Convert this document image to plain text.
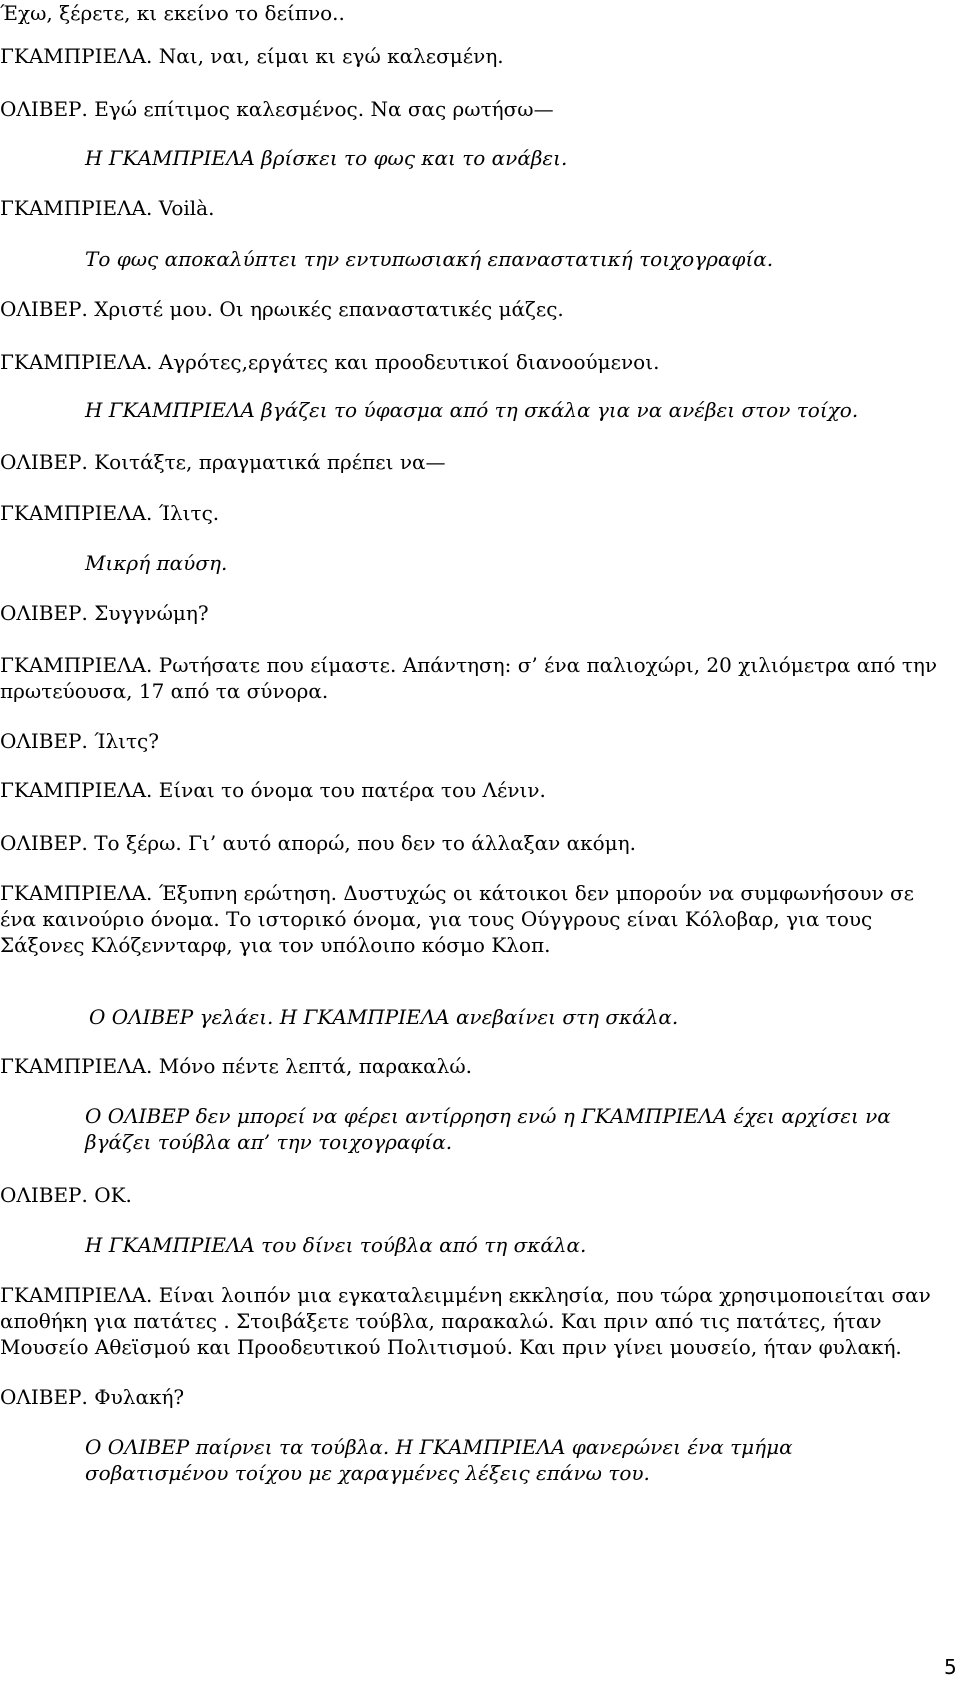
Έχω, ξέρετε, κι εκείνο το δείπνο..
ΓΚΑΜΠΡΙΕΛΑ. Ναι, ναι, είμαι κι εγώ καλεσμένη.
ΟΛΙΒΕΡ. Εγώ επίτιμος καλεσμένος. Να σας ρωτήσω—
Η ΓΚΑΜΠΡΙΕΛΑ βρίσκει το φως και το ανάβει.
ΓΚΑΜΠΡΙΕΛΑ. Voilà.
Το φως αποκαλύπτει την εντυπωσιακή επαναστατική τοιχογραφία.
ΟΛΙΒΕΡ. Χριστέ μου. Οι ηρωικές επαναστατικές μάζες.
ΓΚΑΜΠΡΙΕΛΑ. Αγρότες,εργάτες και προοδευτικοί διανοούμενοι.
Η ΓΚΑΜΠΡΙΕΛΑ βγάζει το ύφασμα από τη σκάλα για να ανέβει στον τοίχο.
ΟΛΙΒΕΡ. Κοιτάξτε, πραγματικά πρέπει να—
ΓΚΑΜΠΡΙΕΛΑ. Ίλιτς.
Μικρή παύση.
ΟΛΙΒΕΡ. Συγγνώμη?
ΓΚΑΜΠΡΙΕΛΑ. Ρωτήσατε που είμαστε. Απάντηση: σ’ ένα παλιοχώρι, 20 χιλιόμετρα από την πρωτεύουσα, 17 από τα σύνορα.
ΟΛΙΒΕΡ. Ίλιτς?
ΓΚΑΜΠΡΙΕΛΑ. Είναι το όνομα του πατέρα του Λένιν.
ΟΛΙΒΕΡ. Το ξέρω. Γι’ αυτό απορώ, που δεν το άλλαξαν ακόμη.
ΓΚΑΜΠΡΙΕΛΑ. Έξυπνη ερώτηση. Δυστυχώς οι κάτοικοι δεν μπορούν να συμφωνήσουν σε ένα καινούριο όνομα. Το ιστορικό όνομα, για τους Ούγγρους είναι Κόλοβαρ, για τους Σάξονες Κλόζεννταρφ, για τον υπόλοιπο κόσμο Κλοπ.
Ο ΟΛΙΒΕΡ γελάει. Η ΓΚΑΜΠΡΙΕΛΑ ανεβαίνει στη σκάλα.
ΓΚΑΜΠΡΙΕΛΑ. Μόνο πέντε λεπτά, παρακαλώ.
Ο ΟΛΙΒΕΡ δεν μπορεί να φέρει αντίρρηση ενώ η ΓΚΑΜΠΡΙΕΛΑ έχει αρχίσει να βγάζει τούβλα απ’ την τοιχογραφία.
ΟΛΙΒΕΡ. ΟΚ.
Η ΓΚΑΜΠΡΙΕΛΑ του δίνει τούβλα από τη σκάλα.
ΓΚΑΜΠΡΙΕΛΑ. Είναι λοιπόν μια εγκαταλειμμένη εκκλησία, που τώρα χρησιμοποιείται σαν αποθήκη για πατάτες . Στοιβάξετε τούβλα, παρακαλώ. Και πριν από τις πατάτες, ήταν Μουσείο Αθεϊσμού και Προοδευτικού Πολιτισμού. Και πριν γίνει μουσείο, ήταν φυλακή.
ΟΛΙΒΕΡ. Φυλακή?
Ο ΟΛΙΒΕΡ παίρνει τα τούβλα. Η ΓΚΑΜΠΡΙΕΛΑ φανερώνει ένα τμήμα σοβατισμένου τοίχου με χαραγμένες λέξεις επάνω του.
5
